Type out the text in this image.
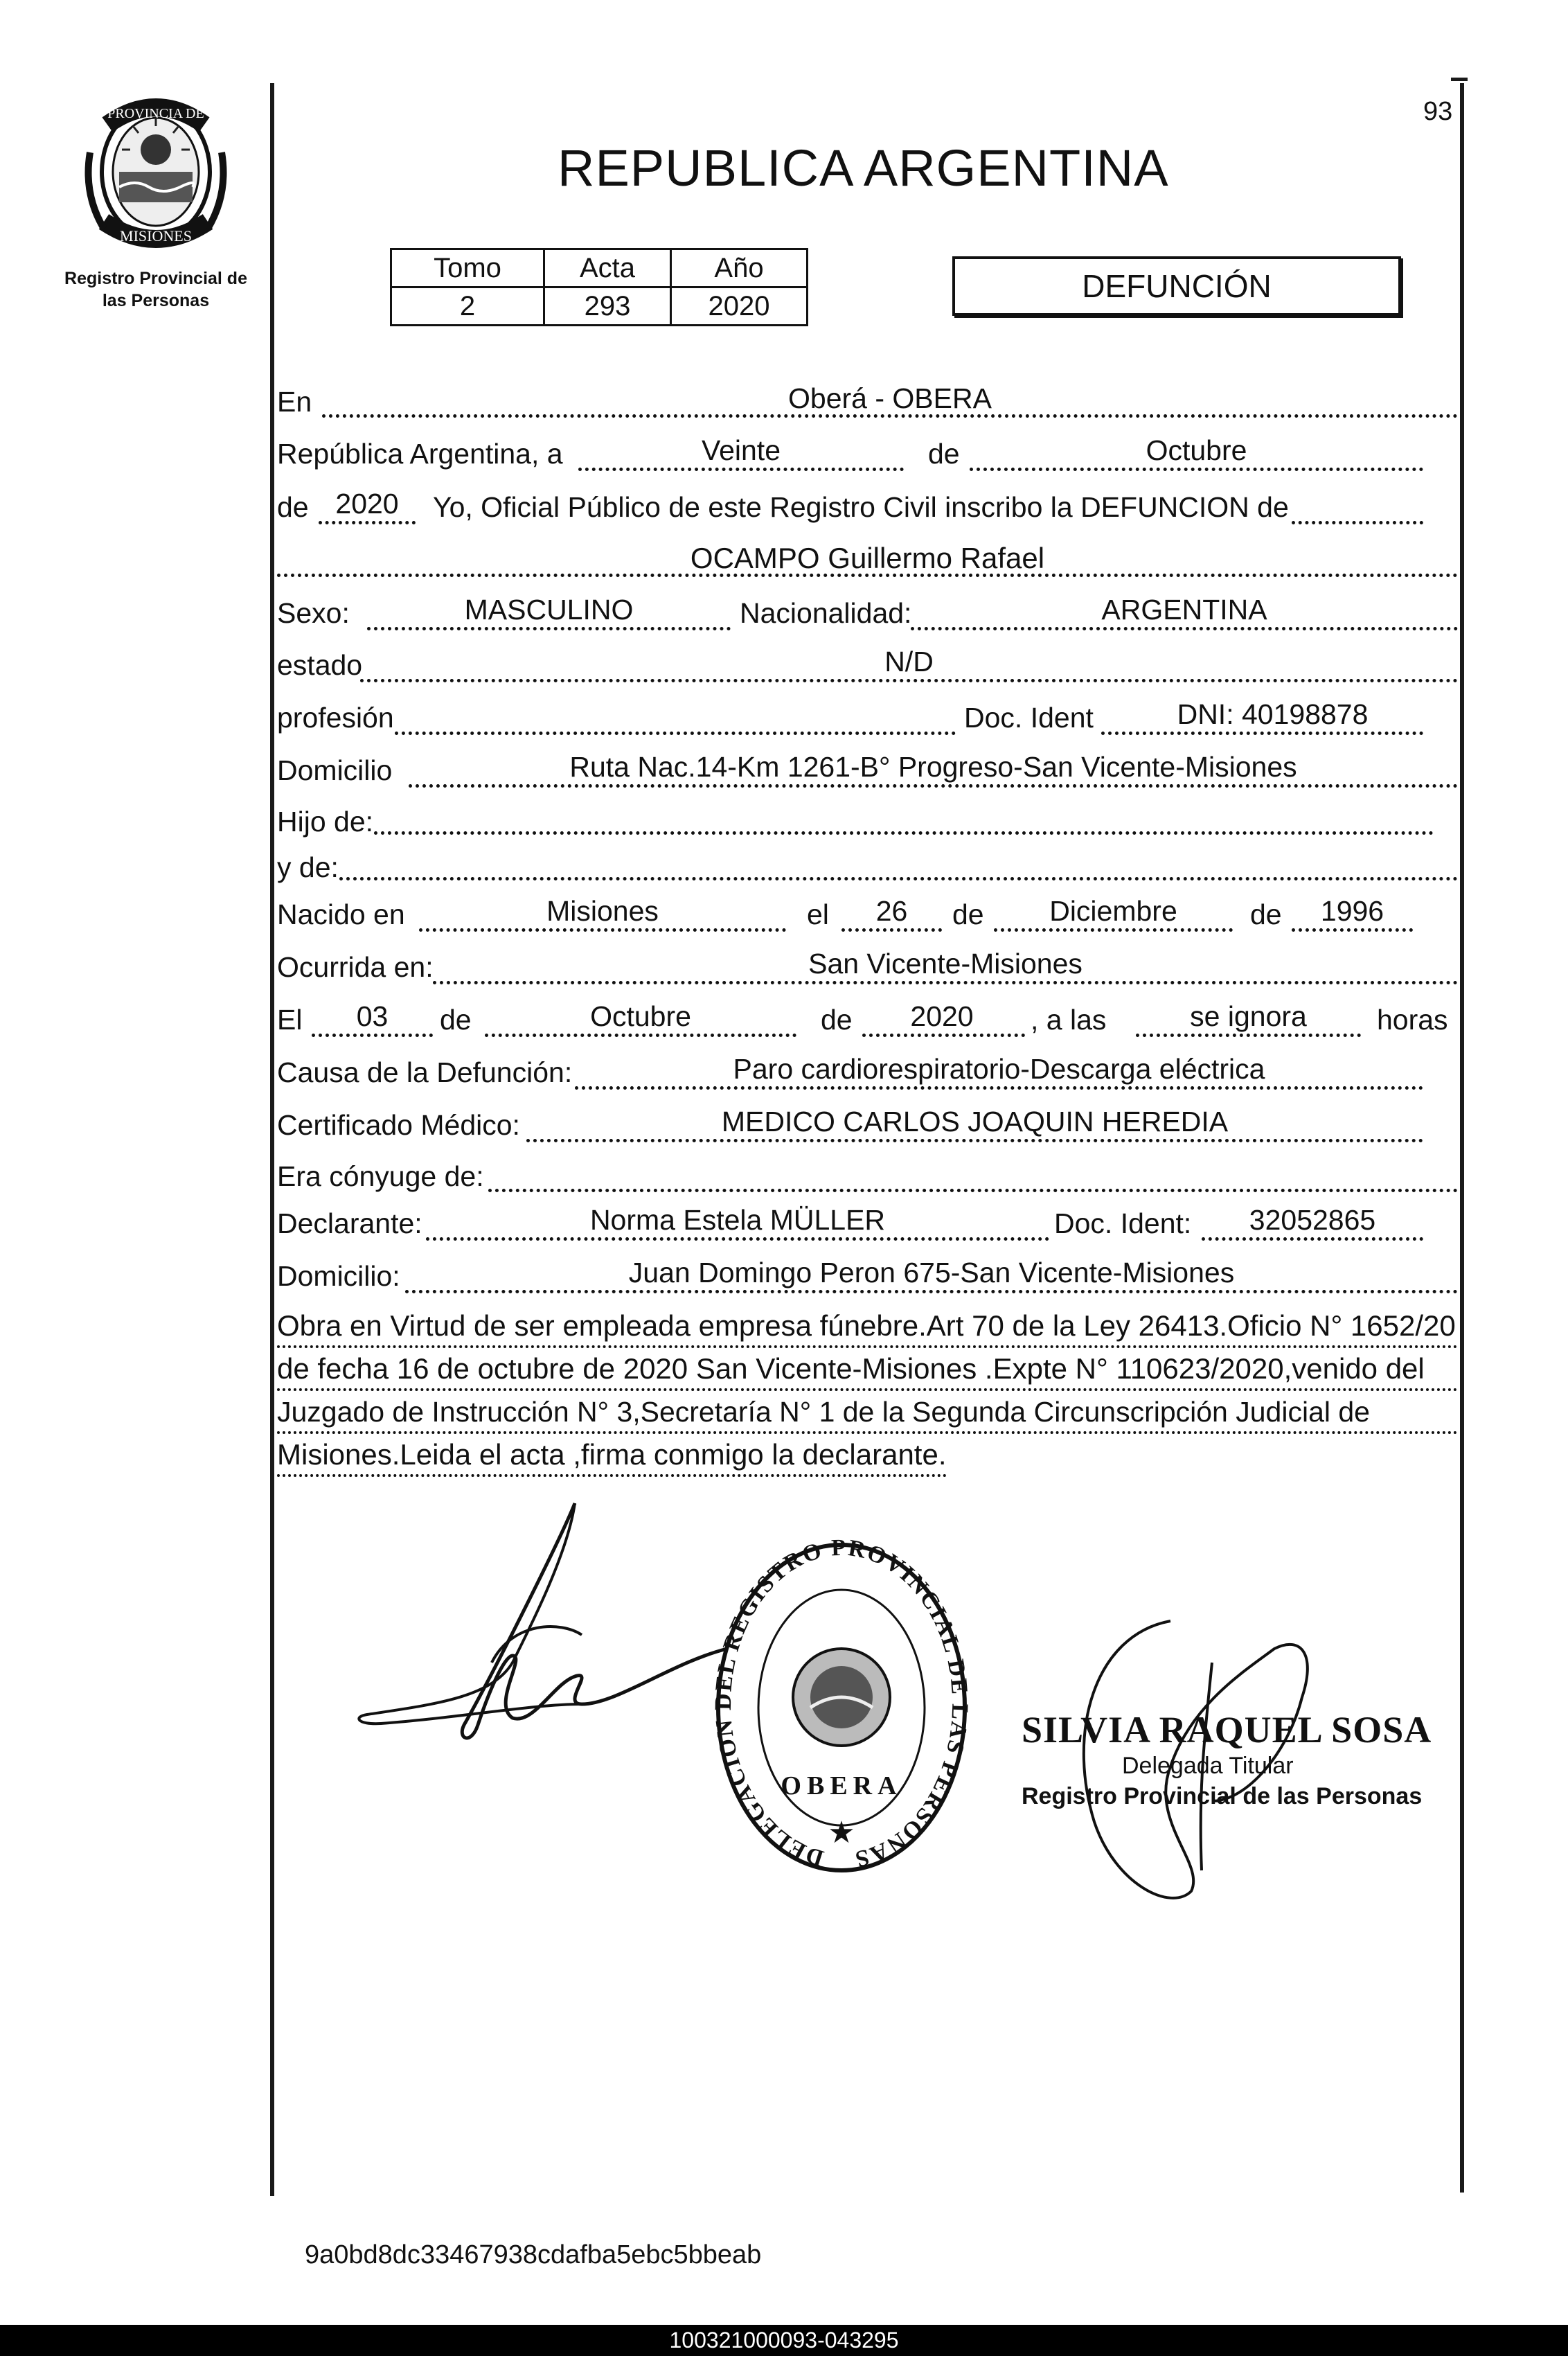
93
PROVINCIA DE
MISIONES
Registro Provincial de
las Personas
REPUBLICA ARGENTINA
Tomo	Acta	Año
2	293	2020
DEFUNCIÓN
En	Oberá - OBERA
República Argentina, a	Veinte	de	Octubre
de 2020	Yo, Oficial Público de este Registro Civil inscribo la DEFUNCION de
OCAMPO Guillermo Rafael
Sexo:	MASCULINO	Nacionalidad:	ARGENTINA
estado	N/D
profesión	Doc. Ident	DNI: 40198878
Domicilio	Ruta Nac.14-Km 1261-B° Progreso-San Vicente-Misiones
Hijo de:
y de:
Nacido en	Misiones	el	26	de	Diciembre	de	1996
Ocurrida en:	San Vicente-Misiones
El	03	de	Octubre	de	2020	, a las	se ignora	horas
Causa de la Defunción:	Paro cardiorespiratorio-Descarga eléctrica
Certificado Médico:	MEDICO CARLOS JOAQUIN HEREDIA
Era cónyuge de:
Declarante:	Norma Estela MÜLLER	Doc. Ident:	32052865
Domicilio:	Juan Domingo Peron 675-San Vicente-Misiones
Obra en Virtud de ser empleada empresa fúnebre.Art 70 de la Ley 26413.Oficio N° 1652/20
de fecha 16 de octubre de 2020 San Vicente-Misiones .Expte N° 110623/2020,venido del
Juzgado de Instrucción N° 3,Secretaría N° 1 de la Segunda Circunscripción Judicial de
Misiones.Leida el acta ,firma conmigo la declarante.
DELEGACION DEL REGISTRO PROVINCIAL DE LAS PERSONAS
OBERA
★
SILVIA RAQUEL SOSA
Delegada Titular
Registro Provincial de las Personas
9a0bd8dc33467938cdafba5ebc5bbeab
100321000093-043295
